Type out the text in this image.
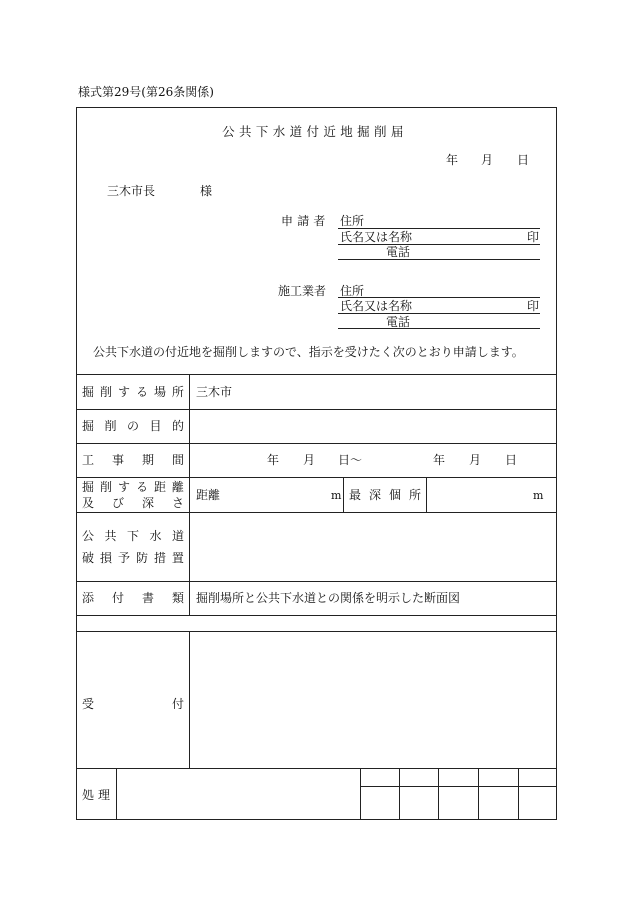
様式第29号(第26条関係)
公共下水道付近地掘削届
年 月 日
三木市長	様
申請者 住所
氏名又は名称	印
電話
施工業者 住所
氏名又は名称	印
電話
公共下水道の付近地を掘削しますので、指示を受けたく次のとおり申請します。
掘 削 す る 場 所 三木市
掘 削 の 目 的
工 事 期 間	年 月 日〜	年 月 日
掘 削 す る 距 離
及 び 深 さ
距離	m 最 深 個 所	m
公 共 下 水 道
破 損 予 防 措 置
添 付 書 類 掘削場所と公共下水道との関係を明示した断面図
受	付
処 理
